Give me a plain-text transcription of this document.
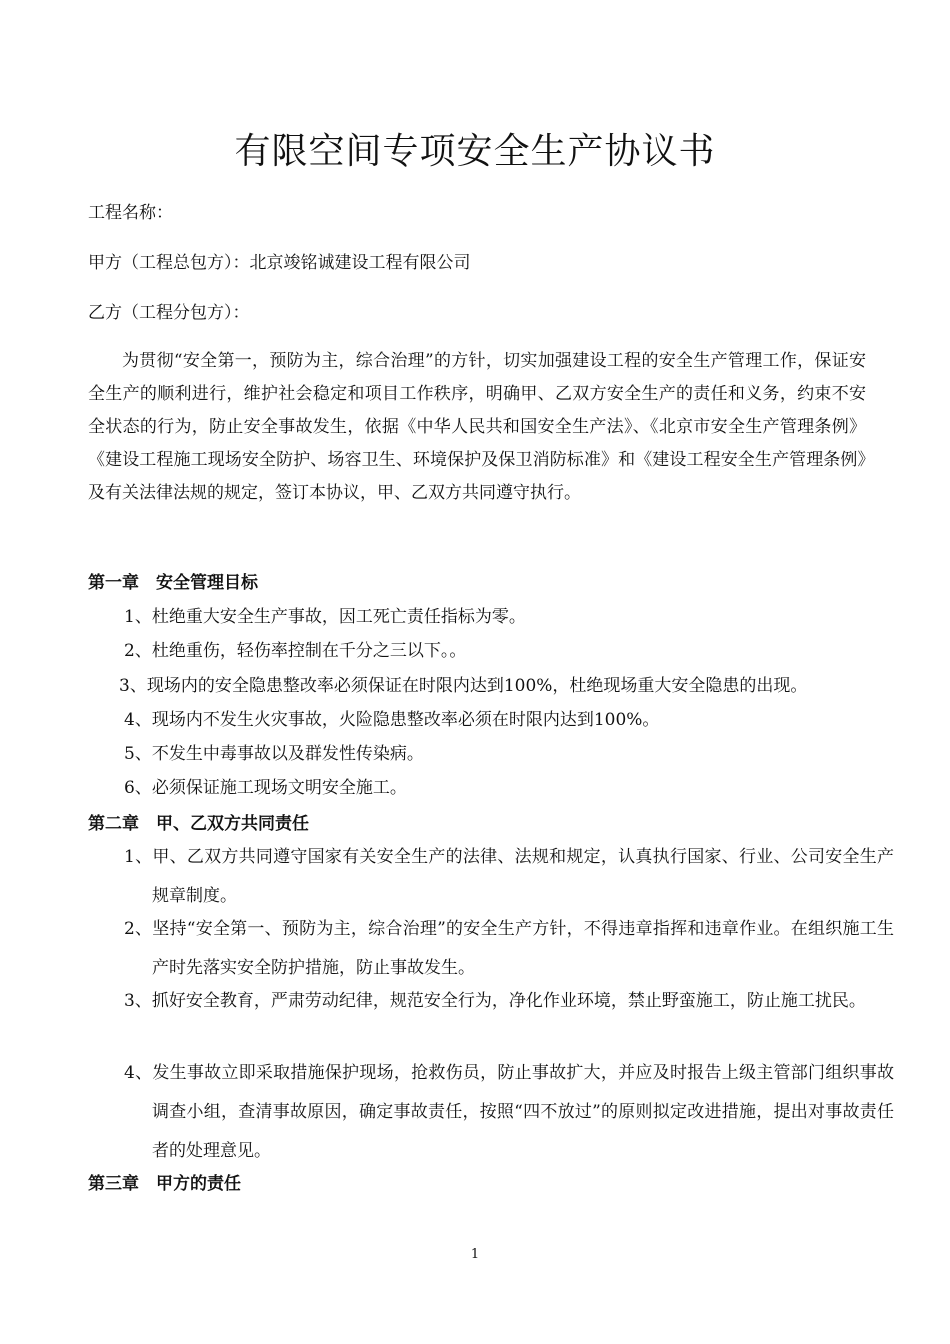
有限空间专项安全生产协议书
工程名称：
甲方（工程总包方）：北京竣铭诚建设工程有限公司
乙方（工程分包方）：
为贯彻“安全第一，预防为主，综合治理”的方针，切实加强建设工程的安全生产管理工作，保证安全生产的顺利进行，维护社会稳定和项目工作秩序，明确甲、乙双方安全生产的责任和义务，约束不安全状态的行为，防止安全事故发生，依据《中华人民共和国安全生产法》、《北京市安全生产管理条例》《建设工程施工现场安全防护、场容卫生、环境保护及保卫消防标准》和《建设工程安全生产管理条例》及有关法律法规的规定，签订本协议，甲、乙双方共同遵守执行。
第一章　安全管理目标
1、杜绝重大安全生产事故，因工死亡责任指标为零。
2、杜绝重伤，轻伤率控制在千分之三以下。。
3、现场内的安全隐患整改率必须保证在时限内达到100%，杜绝现场重大安全隐患的出现。
4、现场内不发生火灾事故，火险隐患整改率必须在时限内达到100%。
5、不发生中毒事故以及群发性传染病。
6、必须保证施工现场文明安全施工。
第二章　甲、乙双方共同责任
1、甲、乙双方共同遵守国家有关安全生产的法律、法规和规定，认真执行国家、行业、公司安全生产规章制度。
2、坚持“安全第一、预防为主，综合治理”的安全生产方针，不得违章指挥和违章作业。在组织施工生产时先落实安全防护措施，防止事故发生。
3、抓好安全教育，严肃劳动纪律，规范安全行为，净化作业环境，禁止野蛮施工，防止施工扰民。
4、发生事故立即采取措施保护现场，抢救伤员，防止事故扩大，并应及时报告上级主管部门组织事故调查小组，查清事故原因，确定事故责任，按照“四不放过”的原则拟定改进措施，提出对事故责任者的处理意见。
第三章　甲方的责任
1
